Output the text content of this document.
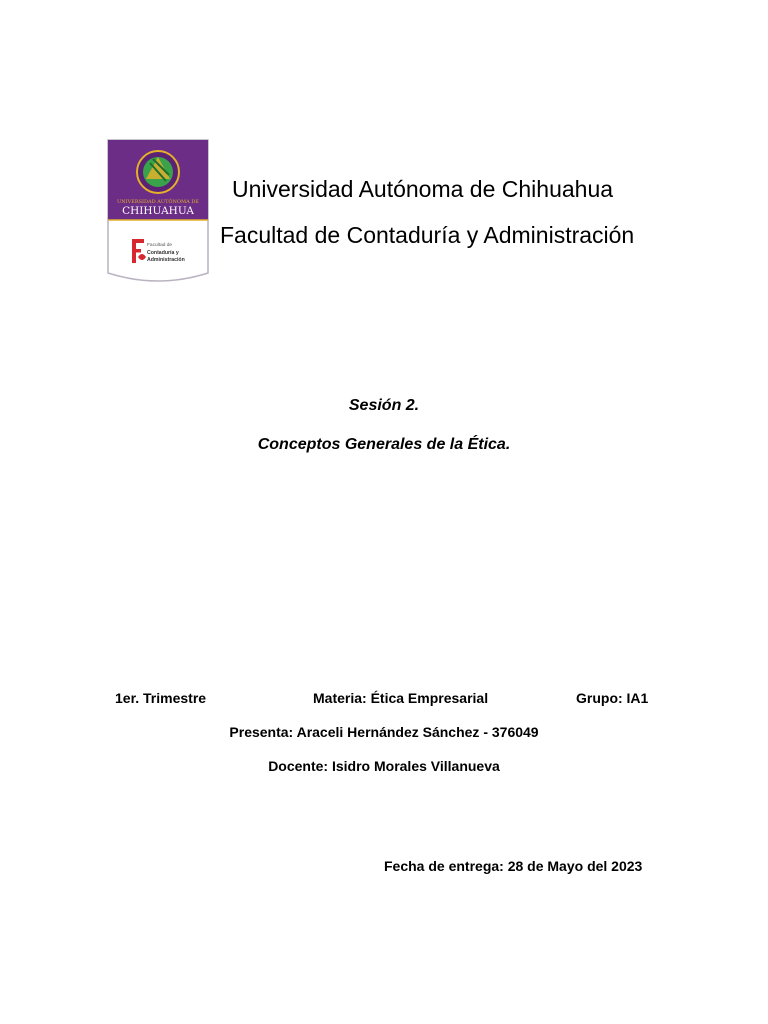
UNIVERSIDAD AUTÓNOMA DE
CHIHUAHUA
Facultad de
Contaduría y
Administración
Universidad Autónoma de Chihuahua
Facultad de Contaduría y Administración
Sesión 2.
Conceptos Generales de la Ética.
1er. Trimestre	Materia: Ética Empresarial	Grupo: IA1
Presenta: Araceli Hernández Sánchez - 376049
Docente: Isidro Morales Villanueva
Fecha de entrega: 28 de Mayo del 2023
